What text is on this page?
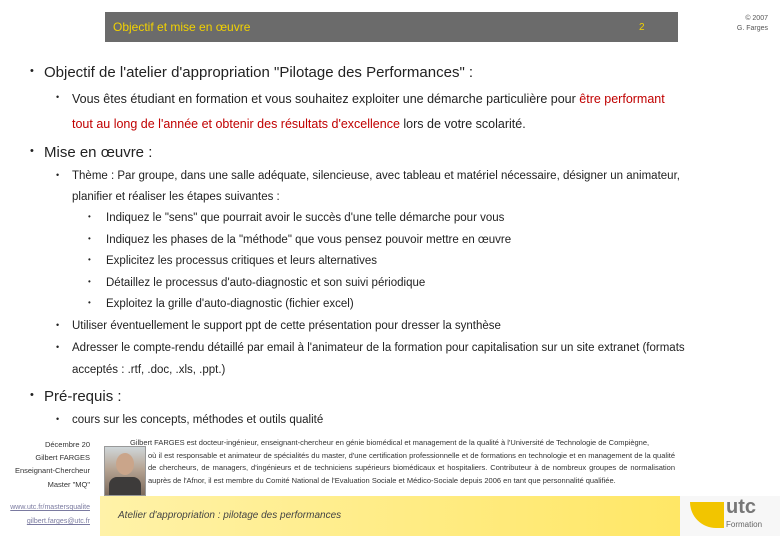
Objectif et mise en œuvre	2
© 2007
G. Farges
• Objectif de l'atelier d'appropriation "Pilotage des Performances" :
• Vous êtes étudiant en formation et vous souhaitez exploiter une démarche particulière pour être performant
tout au long de l'année et obtenir des résultats d'excellence lors de votre scolarité.
• Mise en œuvre :
• Thème : Par groupe, dans une salle adéquate, silencieuse, avec tableau et matériel nécessaire, désigner un animateur,
planifier et réaliser les étapes suivantes :
• Indiquez le "sens" que pourrait avoir le succès d'une telle démarche pour vous
• Indiquez les phases de la "méthode" que vous pensez pouvoir mettre en œuvre
• Explicitez les processus critiques et leurs alternatives
• Détaillez le processus d'auto-diagnostic et son suivi périodique
• Exploitez la grille d'auto-diagnostic (fichier excel)
• Utiliser éventuellement le support ppt de cette présentation pour dresser la synthèse
• Adresser le compte-rendu détaillé par email à l'animateur de la formation pour capitalisation sur un site extranet (formats
acceptés : .rtf, .doc, .xls, .ppt.)
• Pré-requis :
• cours sur les concepts, méthodes et outils qualité
Décembre 20
Gilbert FARGES
Enseignant-Chercheur
Master "MQ"

Gilbert FARGES est docteur-ingénieur, enseignant-chercheur en génie biomédical et management de la qualité à l'Université de Technologie de Compiègne,

où il est responsable et animateur de spécialités du master, d'une certification professionnelle et de formations en technologie et en management de la qualité de chercheurs, de managers, d'ingénieurs et de techniciens supérieurs biomédicaux et hospitaliers. Contributeur à de nombreux groupes de normalisation auprès de l'Afnor, il est membre du Comité National de l'Evaluation Sociale et Médico-Sociale depuis 2006 en tant que personnalité qualifiée.

Atelier d'appropriation : pilotage des performances
www.utc.fr/mastersqualite
gilbert.farges@utc.fr
utc
Formation
